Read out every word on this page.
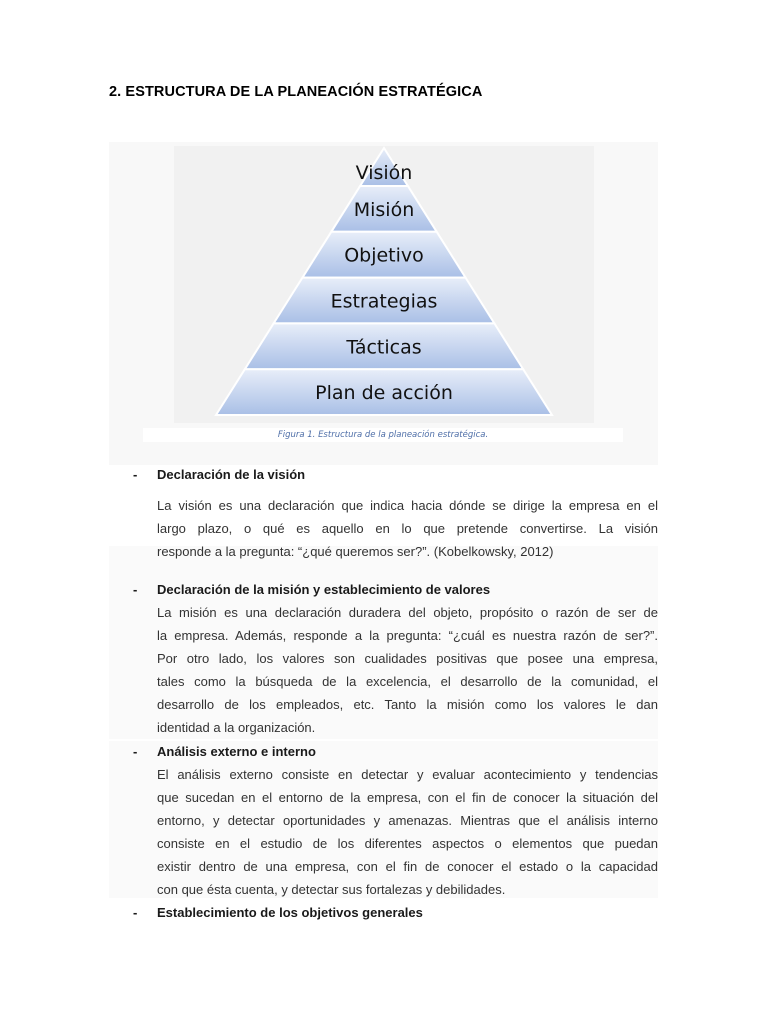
2. ESTRUCTURA DE LA PLANEACIÓN ESTRATÉGICA
Visión
Misión
Objetivo
Estrategias
Tácticas
Plan de acción
Figura 1. Estructura de la planeación estratégica.
- Declaración de la visión
La visión es una declaración que indica hacia dónde se dirige la empresa en el
largo plazo, o qué es aquello en lo que pretende convertirse. La visión
responde a la pregunta: “¿qué queremos ser?”. (Kobelkowsky, 2012)
- Declaración de la misión y establecimiento de valores
La misión es una declaración duradera del objeto, propósito o razón de ser de
la empresa. Además, responde a la pregunta: “¿cuál es nuestra razón de ser?”.
Por otro lado, los valores son cualidades positivas que posee una empresa,
tales como la búsqueda de la excelencia, el desarrollo de la comunidad, el
desarrollo de los empleados, etc. Tanto la misión como los valores le dan
identidad a la organización.
- Análisis externo e interno
El análisis externo consiste en detectar y evaluar acontecimiento y tendencias
que sucedan en el entorno de la empresa, con el fin de conocer la situación del
entorno, y detectar oportunidades y amenazas. Mientras que el análisis interno
consiste en el estudio de los diferentes aspectos o elementos que puedan
existir dentro de una empresa, con el fin de conocer el estado o la capacidad
con que ésta cuenta, y detectar sus fortalezas y debilidades.
- Establecimiento de los objetivos generales
